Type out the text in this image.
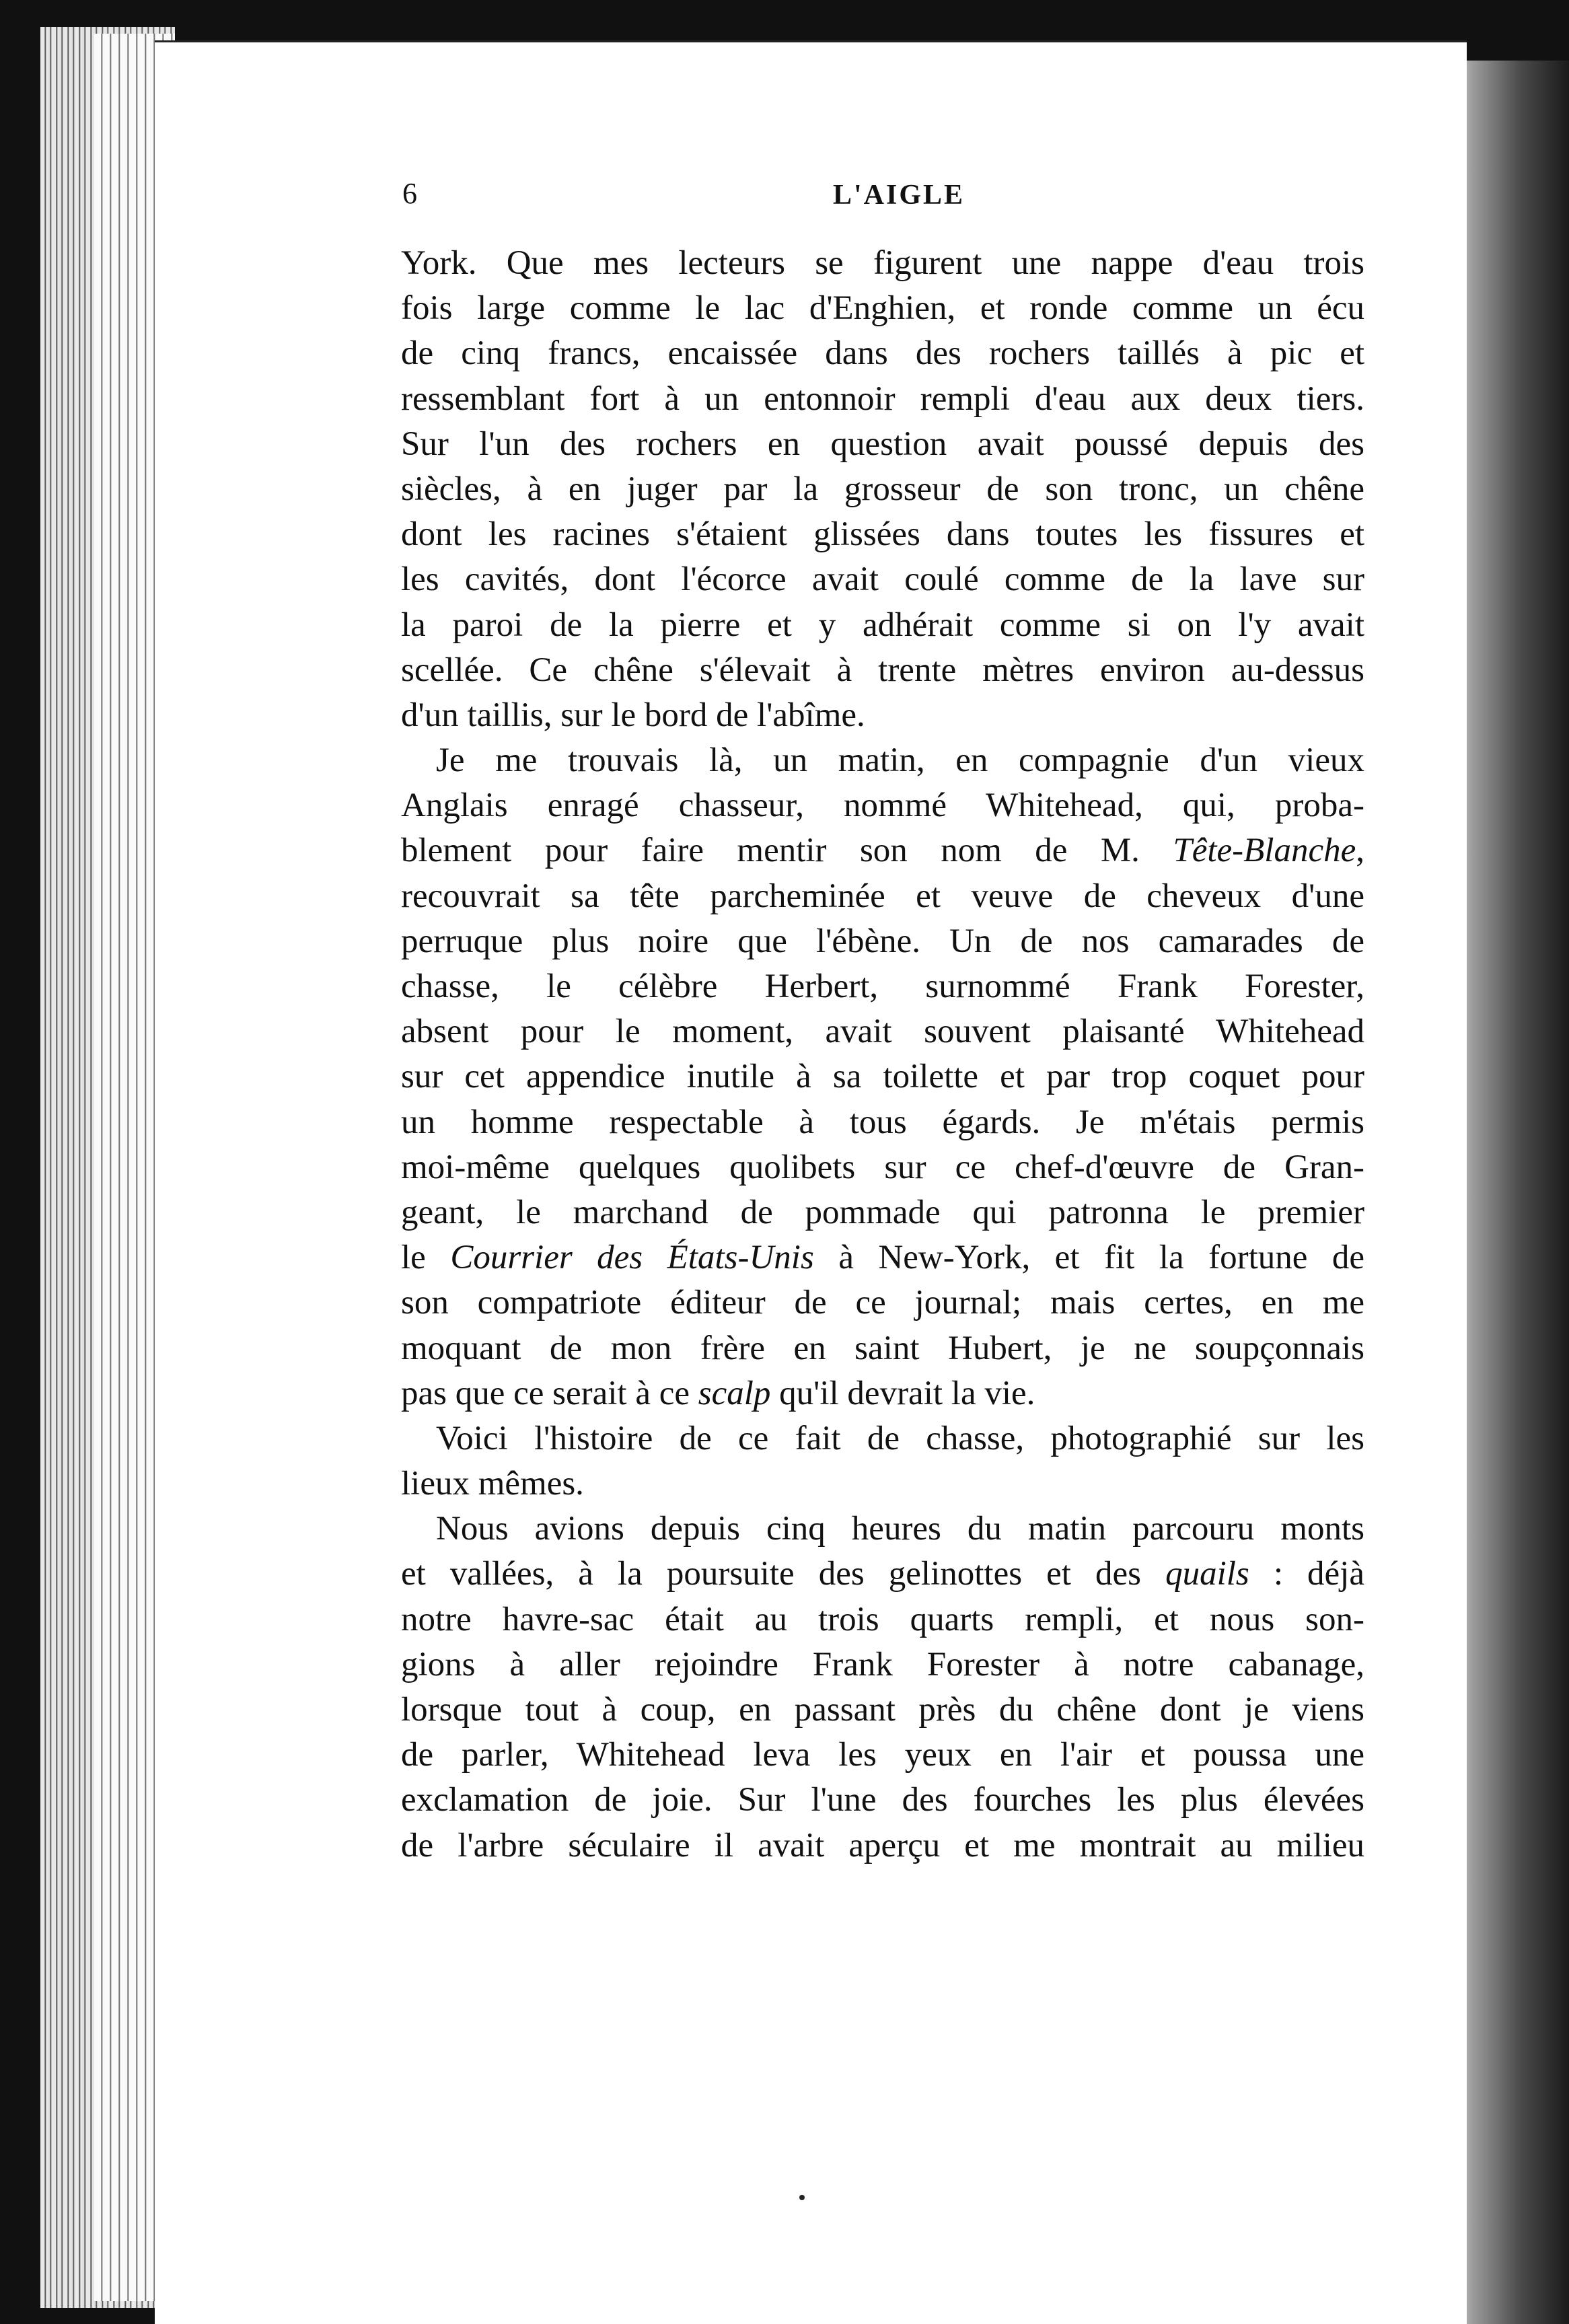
6	L'AIGLE
York. Que mes lecteurs se figurent une nappe d'eau trois
fois large comme le lac d'Enghien, et ronde comme un écu
de cinq francs, encaissée dans des rochers taillés à pic et
ressemblant fort à un entonnoir rempli d'eau aux deux tiers.
Sur l'un des rochers en question avait poussé depuis des
siècles, à en juger par la grosseur de son tronc, un chêne
dont les racines s'étaient glissées dans toutes les fissures et
les cavités, dont l'écorce avait coulé comme de la lave sur
la paroi de la pierre et y adhérait comme si on l'y avait
scellée. Ce chêne s'élevait à trente mètres environ au-dessus
d'un taillis, sur le bord de l'abîme.
Je me trouvais là, un matin, en compagnie d'un vieux
Anglais enragé chasseur, nommé Whitehead, qui, proba-
blement pour faire mentir son nom de M. Tête-Blanche,
recouvrait sa tête parcheminée et veuve de cheveux d'une
perruque plus noire que l'ébène. Un de nos camarades de
chasse, le célèbre Herbert, surnommé Frank Forester,
absent pour le moment, avait souvent plaisanté Whitehead
sur cet appendice inutile à sa toilette et par trop coquet pour
un homme respectable à tous égards. Je m'étais permis
moi-même quelques quolibets sur ce chef-d'œuvre de Gran-
geant, le marchand de pommade qui patronna le premier
le Courrier des États-Unis à New-York, et fit la fortune de
son compatriote éditeur de ce journal; mais certes, en me
moquant de mon frère en saint Hubert, je ne soupçonnais
pas que ce serait à ce scalp qu'il devrait la vie.
Voici l'histoire de ce fait de chasse, photographié sur les
lieux mêmes.
Nous avions depuis cinq heures du matin parcouru monts
et vallées, à la poursuite des gelinottes et des quails : déjà
notre havre-sac était au trois quarts rempli, et nous son-
gions à aller rejoindre Frank Forester à notre cabanage,
lorsque tout à coup, en passant près du chêne dont je viens
de parler, Whitehead leva les yeux en l'air et poussa une
exclamation de joie. Sur l'une des fourches les plus élevées
de l'arbre séculaire il avait aperçu et me montrait au milieu
